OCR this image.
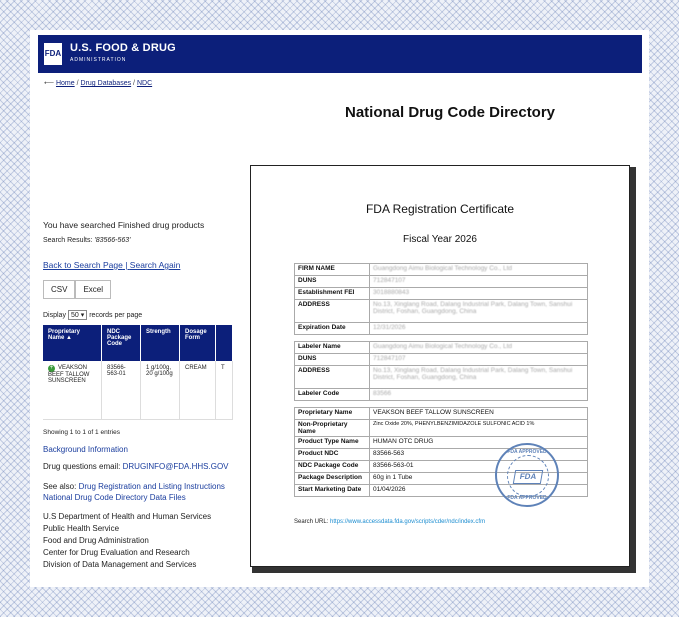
FDA U.S. FOOD & DRUG
ADMINISTRATION
⟵ Home / Drug Databases / NDC
National Drug Code Directory
You have searched Finished drug products
Search Results: '83566-563'
Back to Search Page | Search Again
CSV	Excel
Display 50 ▾ records per page
Proprietary Name ▲	NDC Package Code	Strength	Dosage Form	
+ VEAKSON BEEF TALLOW SUNSCREEN	83566-563-01	1 g/100g, 20 g/100g	CREAM	T
Showing 1 to 1 of 1 entries
Background Information
Drug questions email: DRUGINFO@FDA.HHS.GOV
See also: Drug Registration and Listing Instructions
National Drug Code Directory Data Files
U.S Department of Health and Human Services
Public Health Service
Food and Drug Administration
Center for Drug Evaluation and Research
Division of Data Management and Services
FDA Registration Certificate
Fiscal Year 2026
FIRM NAME	Guangdong Aimu Biological Technology Co., Ltd
DUNS	712847107
Establishment FEI	3018880843
ADDRESS	No.13, Xinglang Road, Dalang Industrial Park, Dalang Town, Sanshui District, Foshan, Guangdong, China
Expiration Date	12/31/2026
Labeler Name	Guangdong Aimu Biological Technology Co., Ltd
DUNS	712847107
ADDRESS	No.13, Xinglang Road, Dalang Industrial Park, Dalang Town, Sanshui District, Foshan, Guangdong, China
Labeler Code	83566
Proprietary Name	VEAKSON BEEF TALLOW SUNSCREEN
Non-Proprietary Name	Zinc Oxide 20%, PHENYLBENZIMIDAZOLE SULFONIC ACID 1%
Product Type Name	HUMAN OTC DRUG
Product NDC	83566-563
NDC Package Code	83566-563-01
Package Description	60g in 1 Tube
Start Marketing Date	01/04/2026
FDA APPROVED
FDA
FDA APPROVED
Search URL: https://www.accessdata.fda.gov/scripts/cder/ndc/index.cfm
